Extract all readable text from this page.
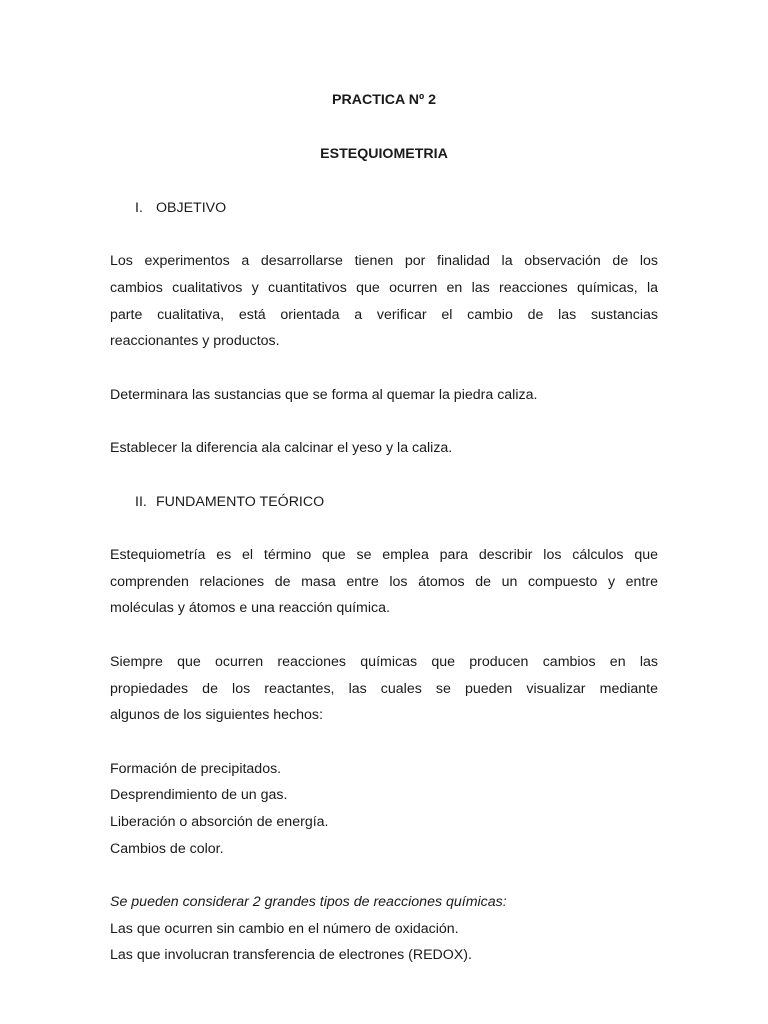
PRACTICA Nº 2
ESTEQUIOMETRIA
I. OBJETIVO
Los experimentos a desarrollarse tienen por finalidad la observación de los
cambios cualitativos y cuantitativos que ocurren en las reacciones químicas, la
parte cualitativa, está orientada a verificar el cambio de las sustancias
reaccionantes y productos.
Determinara las sustancias que se forma al quemar la piedra caliza.
Establecer la diferencia ala calcinar el yeso y la caliza.
II. FUNDAMENTO TEÓRICO
Estequiometría es el término que se emplea para describir los cálculos que
comprenden relaciones de masa entre los átomos de un compuesto y entre
moléculas y átomos e una reacción química.
Siempre que ocurren reacciones químicas que producen cambios en las
propiedades de los reactantes, las cuales se pueden visualizar mediante
algunos de los siguientes hechos:
Formación de precipitados.
Desprendimiento de un gas.
Liberación o absorción de energía.
Cambios de color.
Se pueden considerar 2 grandes tipos de reacciones químicas:
Las que ocurren sin cambio en el número de oxidación.
Las que involucran transferencia de electrones (REDOX).
